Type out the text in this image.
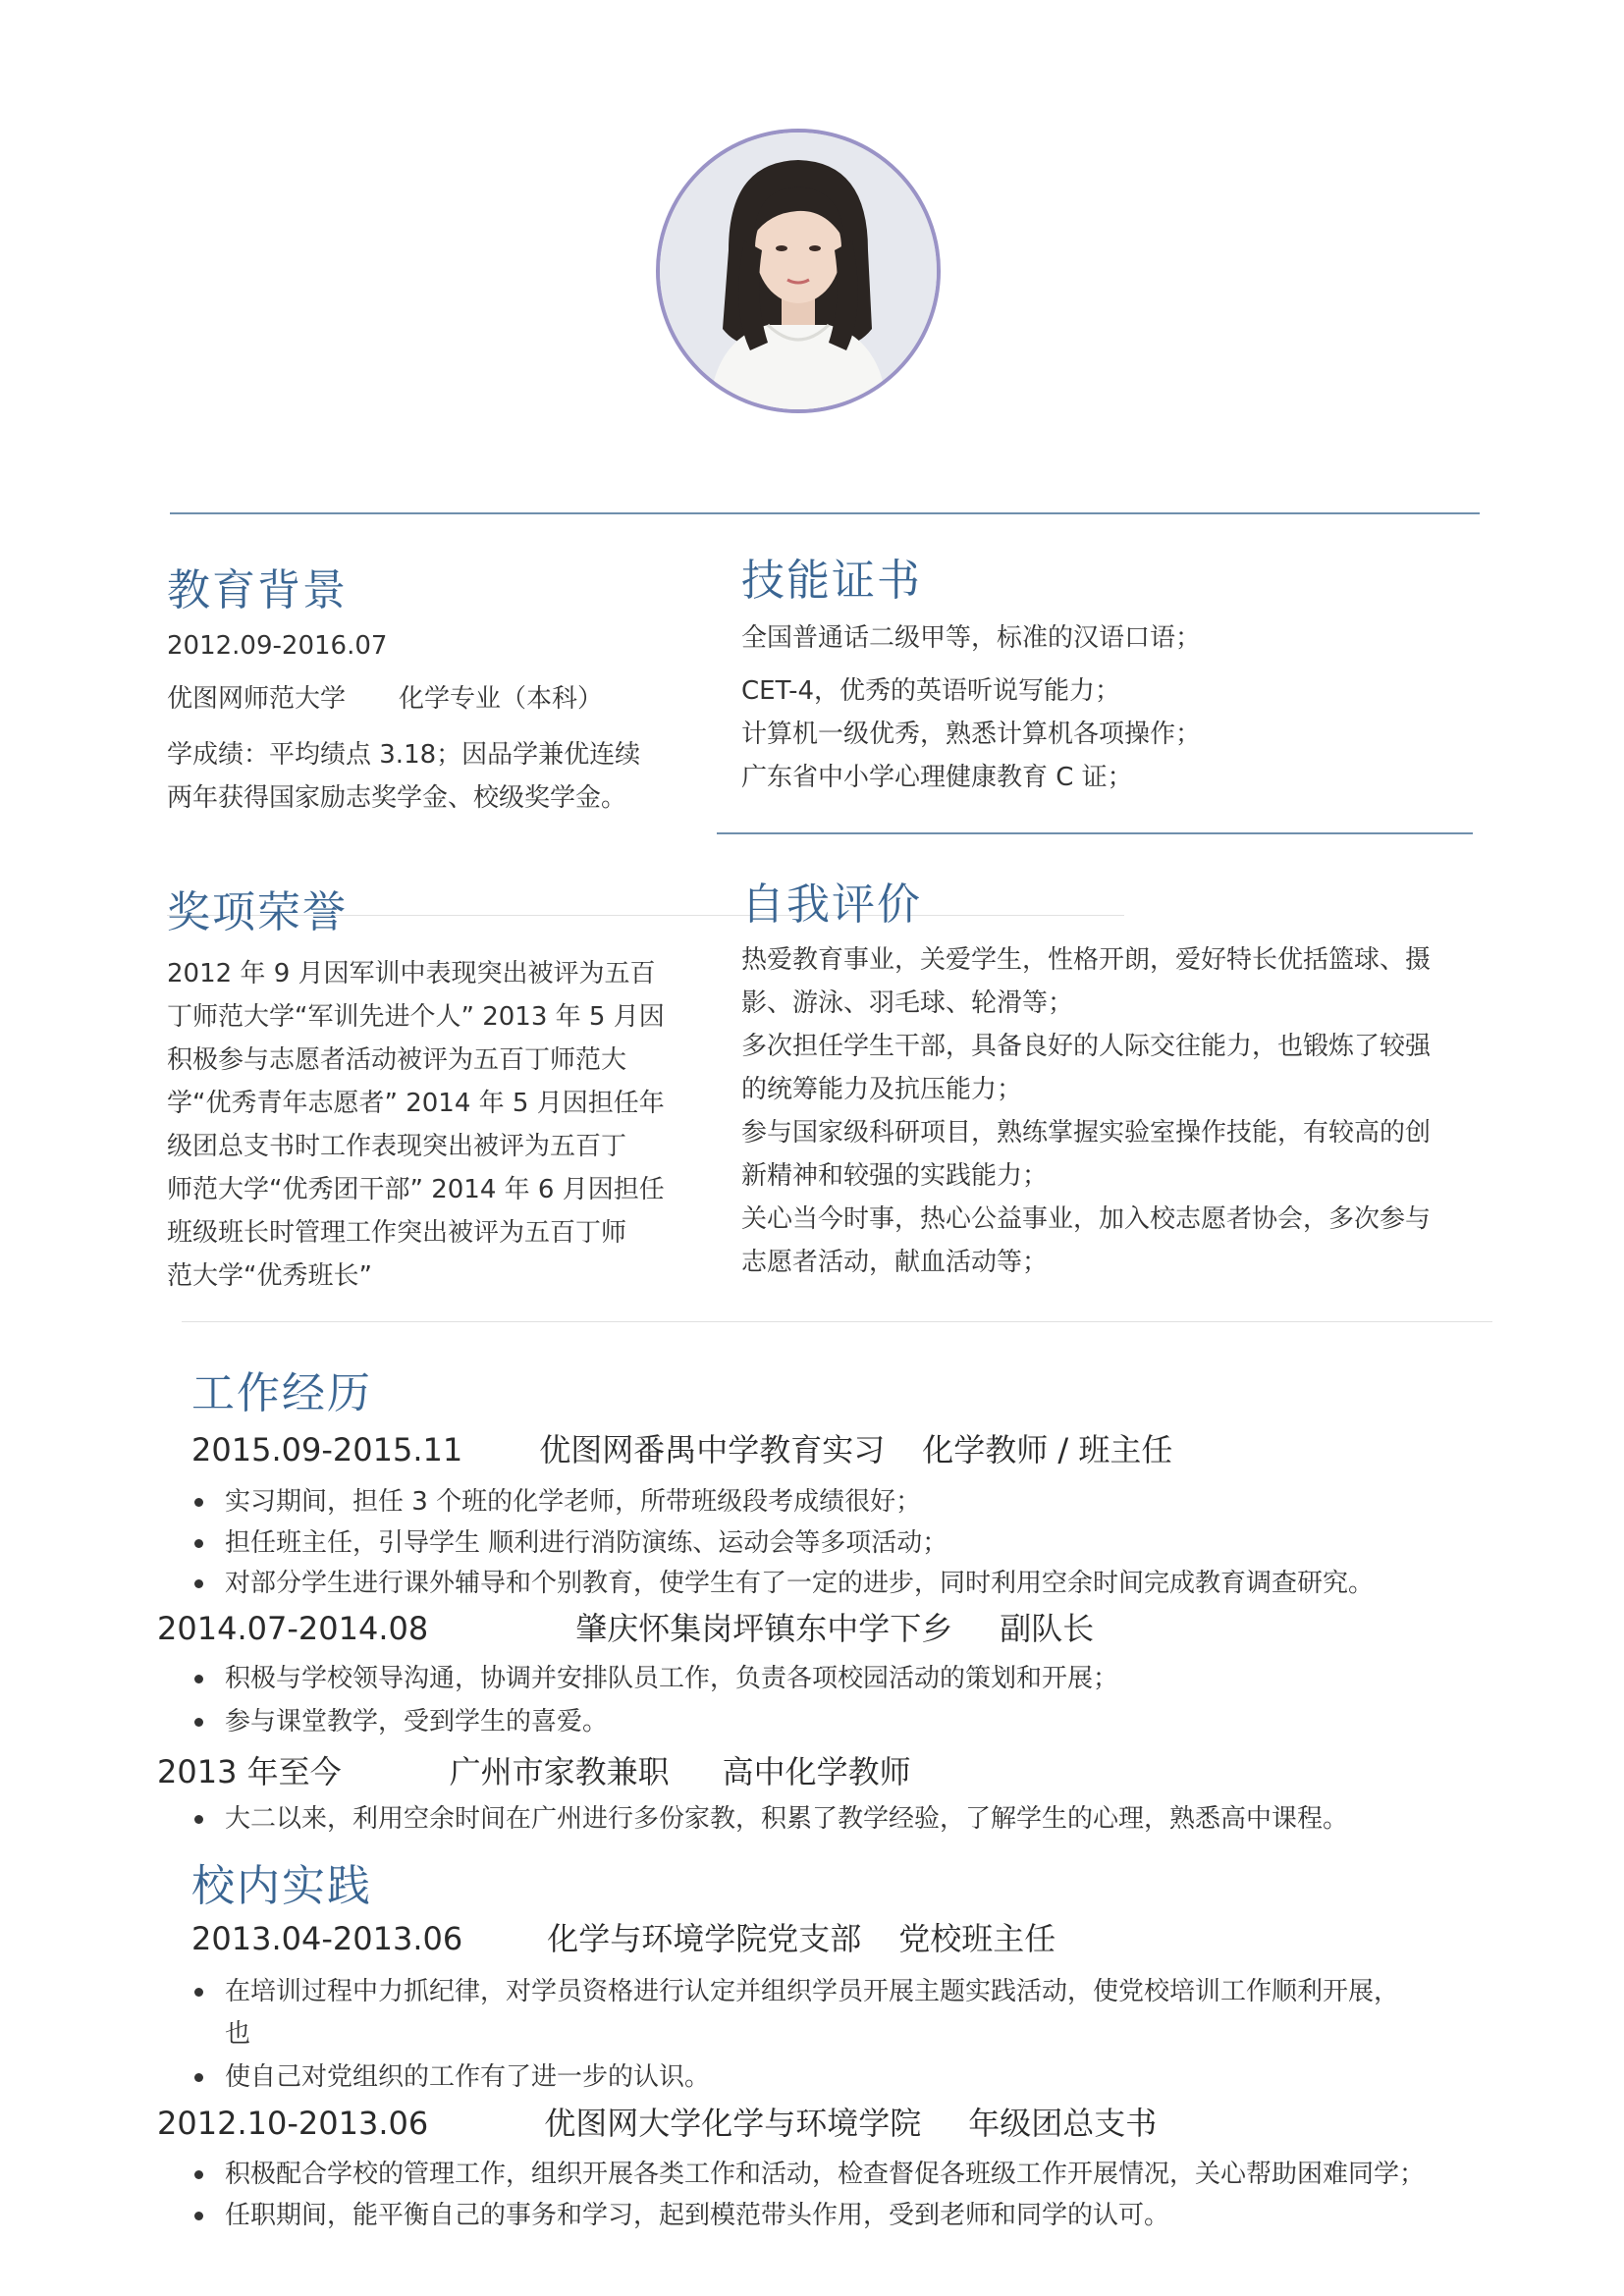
教育背景
2012.09-2016.07
优图网师范大学 化学专业（本科）
学成绩：平均绩点 3.18；因品学兼优连续
两年获得国家励志奖学金、校级奖学金。
技能证书
全国普通话二级甲等，标准的汉语口语；
CET-4，优秀的英语听说写能力；
计算机一级优秀，熟悉计算机各项操作；
广东省中小学心理健康教育 C 证；
奖项荣誉
2012 年 9 月因军训中表现突出被评为五百
丁师范大学“军训先进个人” 2013 年 5 月因
积极参与志愿者活动被评为五百丁师范大
学“优秀青年志愿者” 2014 年 5 月因担任年
级团总支书时工作表现突出被评为五百丁
师范大学“优秀团干部” 2014 年 6 月因担任
班级班长时管理工作突出被评为五百丁师
范大学“优秀班长”
自我评价
热爱教育事业，关爱学生，性格开朗，爱好特长优括篮球、摄
影、游泳、羽毛球、轮滑等；
多次担任学生干部，具备良好的人际交往能力，也锻炼了较强
的统筹能力及抗压能力；
参与国家级科研项目，熟练掌握实验室操作技能，有较高的创
新精神和较强的实践能力；
关心当今时事，热心公益事业，加入校志愿者协会，多次参与
志愿者活动，献血活动等；
工作经历
2015.09-2015.11 优图网番禺中学教育实习 化学教师 / 班主任
实习期间，担任 3 个班的化学老师，所带班级段考成绩很好；
担任班主任，引导学生 顺利进行消防演练、运动会等多项活动；
对部分学生进行课外辅导和个别教育，使学生有了一定的进步，同时利用空余时间完成教育调查研究。
2014.07-2014.08	肇庆怀集岗坪镇东中学下乡 副队长
积极与学校领导沟通，协调并安排队员工作，负责各项校园活动的策划和开展；
参与课堂教学，受到学生的喜爱。
2013 年至今	广州市家教兼职 高中化学教师
大二以来，利用空余时间在广州进行多份家教，积累了教学经验，了解学生的心理，熟悉高中课程。
校内实践
2013.04-2013.06	化学与环境学院党支部 党校班主任
在培训过程中力抓纪律，对学员资格进行认定并组织学员开展主题实践活动，使党校培训工作顺利开展，
也
使自己对党组织的工作有了进一步的认识。
2012.10-2013.06	优图网大学化学与环境学院 年级团总支书
积极配合学校的管理工作，组织开展各类工作和活动，检查督促各班级工作开展情况，关心帮助困难同学；
任职期间，能平衡自己的事务和学习，起到模范带头作用，受到老师和同学的认可。
